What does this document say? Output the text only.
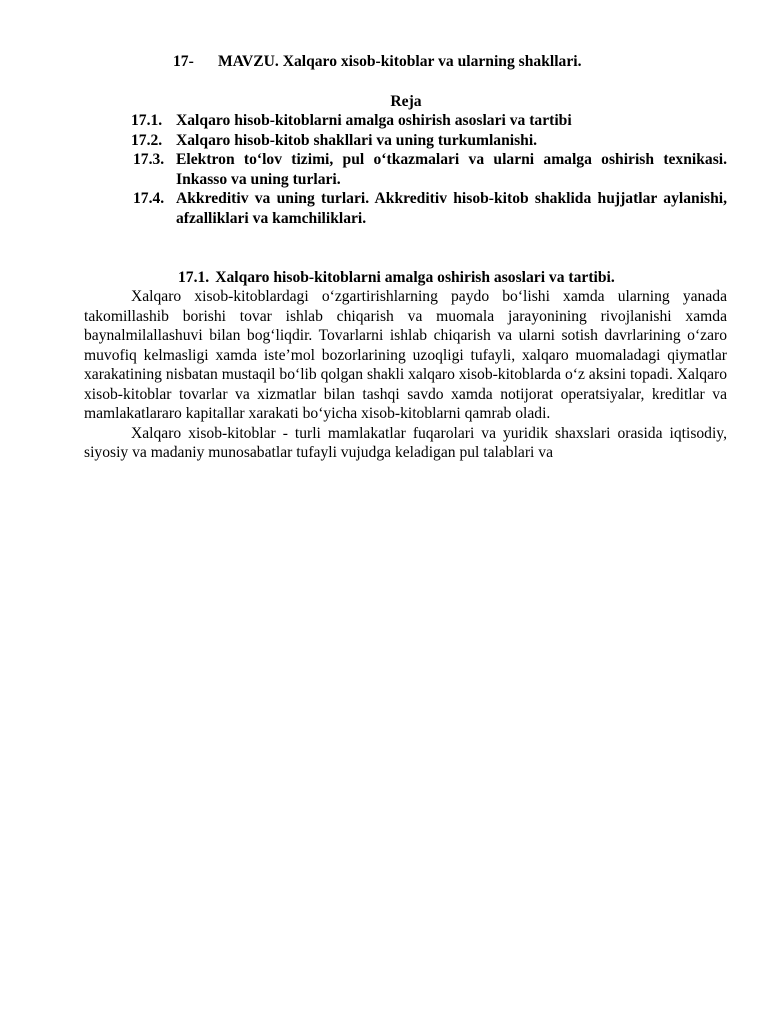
17- MAVZU. Xalqaro xisob-kitoblar va ularning shakllari.
Reja
17.1. Xalqaro hisob-kitoblarni amalga oshirish asoslari va tartibi
17.2. Xalqaro hisob-kitob shakllari va uning turkumlanishi.
17.3. Elektron to‘lov tizimi, pul o‘tkazmalari va ularni amalga oshirish texnikasi. Inkasso va uning turlari.
17.4. Akkreditiv va uning turlari. Akkreditiv hisob-kitob shaklida hujjatlar aylanishi, afzalliklari va kamchiliklari.
17.1. Xalqaro hisob-kitoblarni amalga oshirish asoslari va tartibi.

Xalqaro xisob-kitoblardagi o‘zgartirishlarning paydo bo‘lishi xamda ularning yanada takomillashib borishi tovar ishlab chiqarish va muomala jarayonining rivojlanishi xamda baynalmilallashuvi bilan bog‘liqdir. Tovarlarni ishlab chiqarish va ularni sotish davrlarining o‘zaro muvofiq kelmasligi xamda iste’mol bozorlarining uzoqligi tufayli, xalqaro muomaladagi qiymatlar xarakatining nisbatan mustaqil bo‘lib qolgan shakli xalqaro xisob-kitoblarda o‘z aksini topadi. Xalqaro xisob-kitoblar tovarlar va xizmatlar bilan tashqi savdo xamda notijorat operatsiyalar, kreditlar va mamlakatlararo kapitallar xarakati bo‘yicha xisob-kitoblarni qamrab oladi.

Xalqaro xisob-kitoblar - turli mamlakatlar fuqarolari va yuridik shaxslari orasida iqtisodiy, siyosiy va madaniy munosabatlar tufayli vujudga keladigan pul talablari va
